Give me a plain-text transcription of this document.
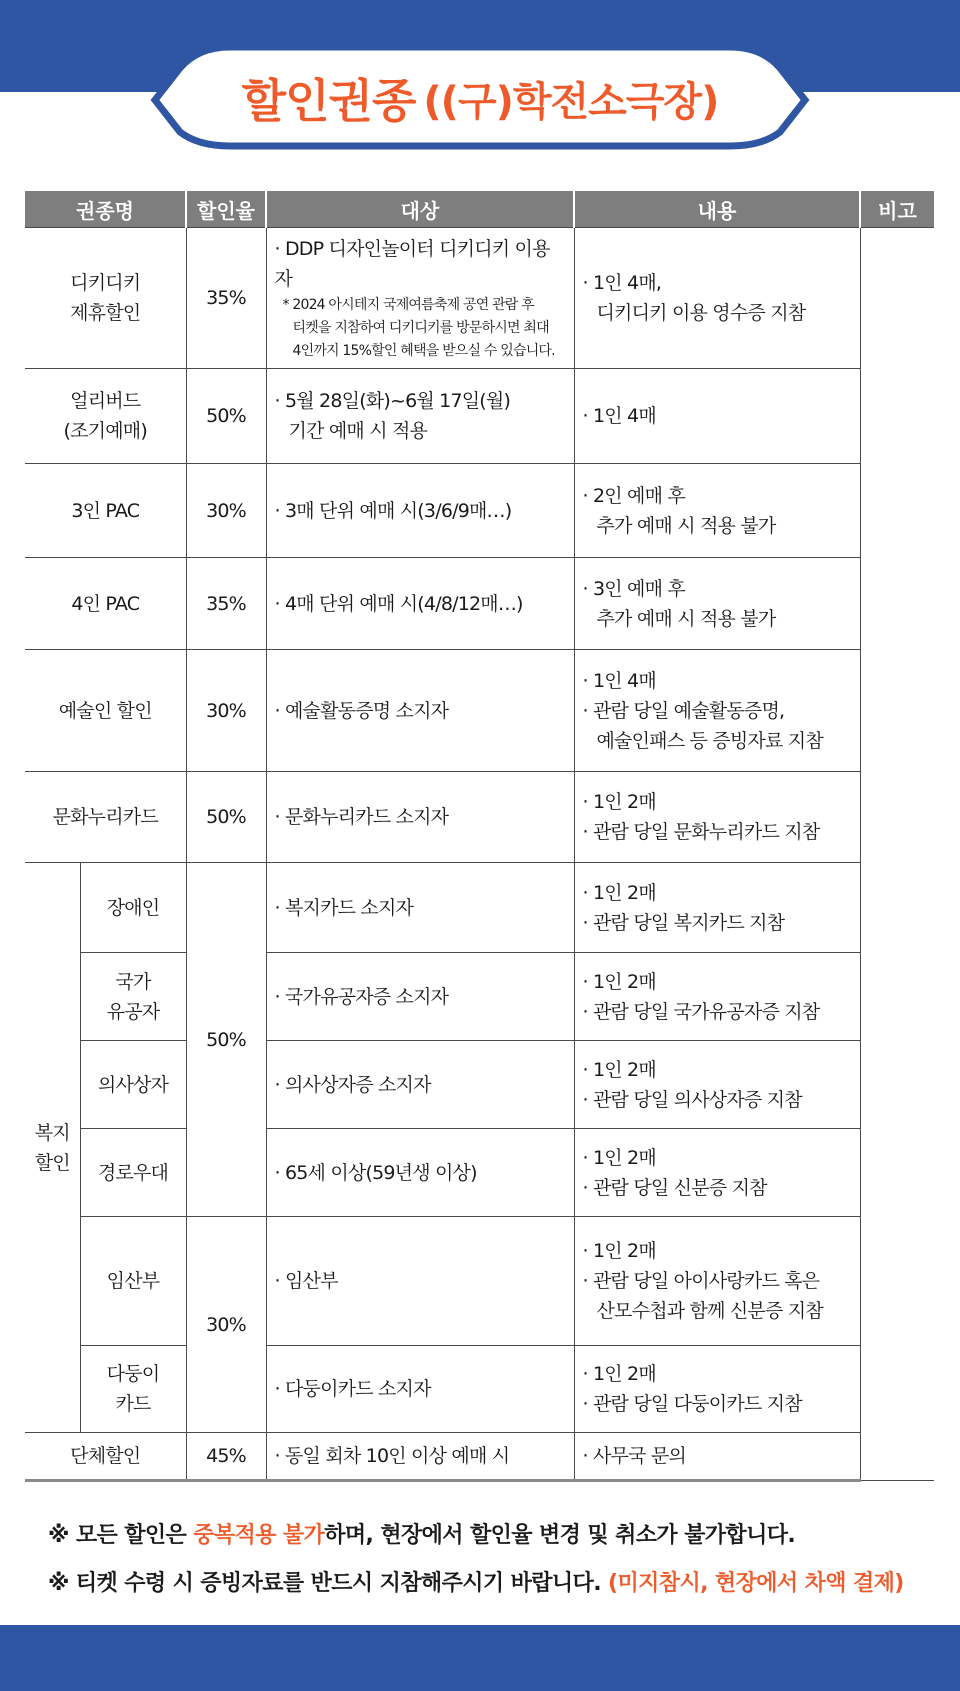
할인권종 ((구)학전소극장)
권종명		할인율	대상	내용	비고

디키디키
제휴할인		35%	· DDP 디자인놀이터 디키디키 이용자
* 2024 아시테지 국제여름축제 공연 관람 후
티켓을 지참하여 디키디키를 방문하시면 최대
4인까지 15%할인 혜택을 받으실 수 있습니다.	· 1인 4매,
디키디키 이용 영수증 지참	

얼리버드
(조기예매)		50%	· 5월 28일(화)~6월 17일(월)
기간 예매 시 적용	· 1인 4매	

3인 PAC		30%	· 3매 단위 예매 시(3/6/9매…)	· 2인 예매 후
추가 예매 시 적용 불가	

4인 PAC		35%	· 4매 단위 예매 시(4/8/12매…)	· 3인 예매 후
추가 예매 시 적용 불가	

예술인 할인		30%	· 예술활동증명 소지자	· 1인 4매
· 관람 당일 예술활동증명,
예술인패스 등 증빙자료 지참	

문화누리카드		50%	· 문화누리카드 소지자	· 1인 2매
· 관람 당일 문화누리카드 지참	

복지
할인	장애인	50%	· 복지카드 소지자	· 1인 2매
· 관람 당일 복지카드 지참	

	국가
유공자		· 국가유공자증 소지자	· 1인 2매
· 관람 당일 국가유공자증 지참	

	의사상자		· 의사상자증 소지자	· 1인 2매
· 관람 당일 의사상자증 지참	

	경로우대		· 65세 이상(59년생 이상)	· 1인 2매
· 관람 당일 신분증 지참	

	임산부	30%	· 임산부	· 1인 2매
· 관람 당일 아이사랑카드 혹은
산모수첩과 함께 신분증 지참	

	다둥이
카드		· 다둥이카드 소지자	· 1인 2매
· 관람 당일 다둥이카드 지참	

단체할인		45%	· 동일 회차 10인 이상 예매 시	· 사무국 문의	
※ 모든 할인은 중복적용 불가하며, 현장에서 할인율 변경 및 취소가 불가합니다.
※ 티켓 수령 시 증빙자료를 반드시 지참해주시기 바랍니다. (미지참시, 현장에서 차액 결제)
